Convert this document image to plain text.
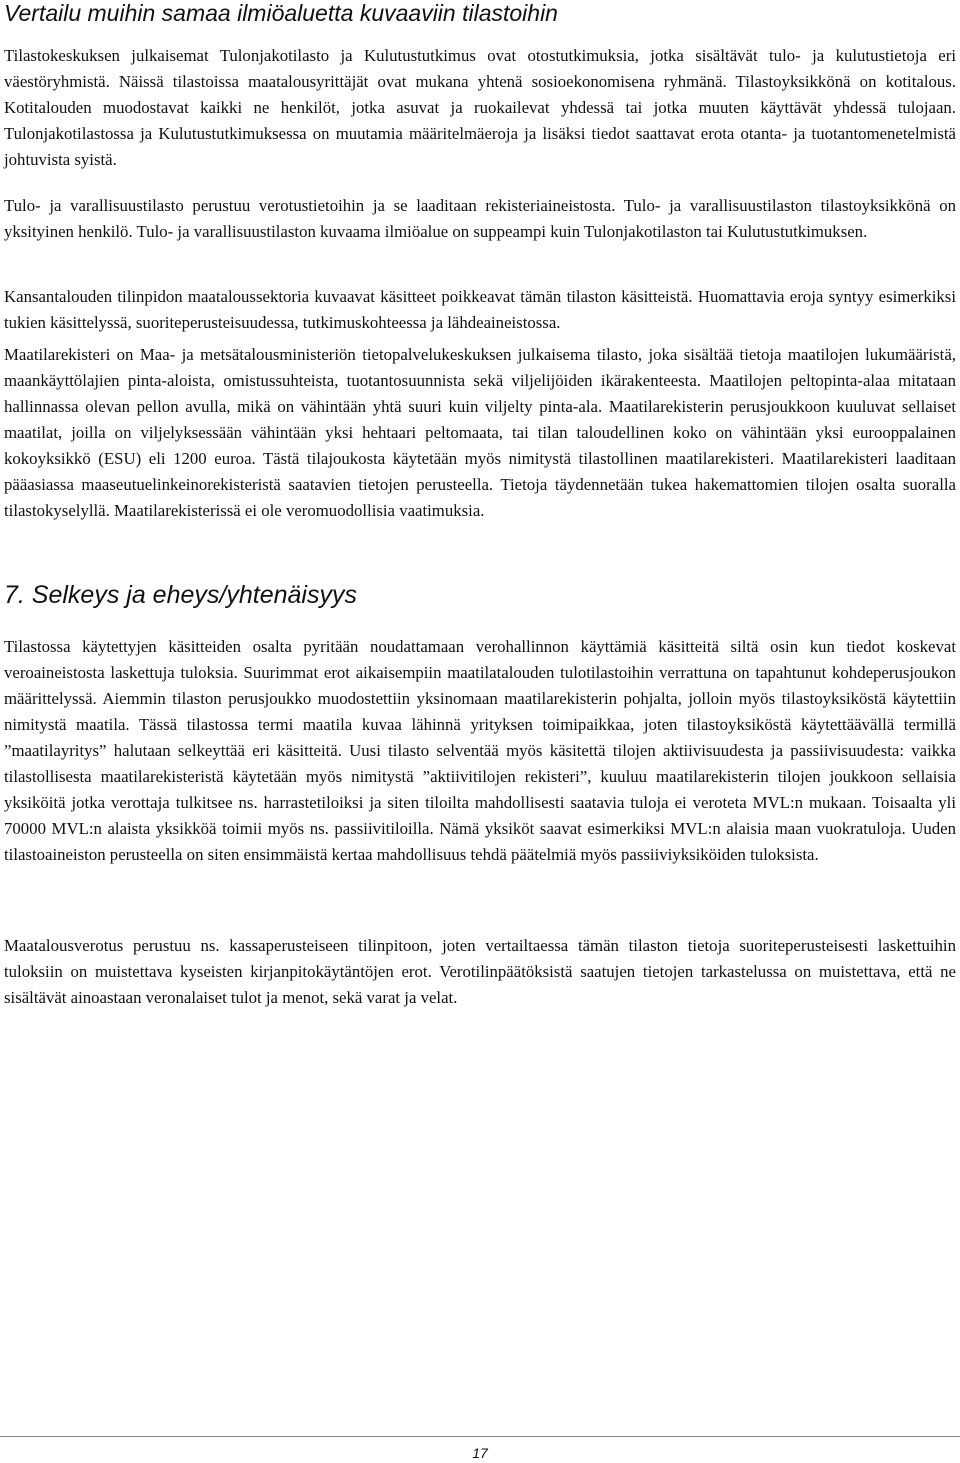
Vertailu muihin samaa ilmiöaluetta kuvaaviin tilastoihin

Tilastokeskuksen julkaisemat Tulonjakotilasto ja Kulutustutkimus ovat otostutkimuksia, jotka sisältävät tulo- ja kulutustietoja eri väestöryhmistä. Näissä tilastoissa maatalousyrittäjät ovat mukana yhtenä sosioekonomisena ryhmänä. Tilastoyksikkönä on kotitalous. Kotitalouden muodostavat kaikki ne henkilöt, jotka asuvat ja ruokailevat yhdessä tai jotka muuten käyttävät yhdessä tulojaan. Tulonjakotilastossa ja Kulutustutkimuksessa on muutamia määritelmäeroja ja lisäksi tiedot saattavat erota otanta- ja tuotantomenetelmistä johtuvista syistä.

Tulo- ja varallisuustilasto perustuu verotustietoihin ja se laaditaan rekisteriaineistosta. Tulo- ja varallisuustilaston tilastoyksikkönä on yksityinen henkilö. Tulo- ja varallisuustilaston kuvaama ilmiöalue on suppeampi kuin Tulonjakotilaston tai Kulutustutkimuksen.

Kansantalouden tilinpidon maataloussektoria kuvaavat käsitteet poikkeavat tämän tilaston käsitteistä. Huomattavia eroja syntyy esimerkiksi tukien käsittelyssä, suoriteperusteisuudessa, tutkimuskohteessa ja lähdeaineistossa.

Maatilarekisteri on Maa- ja metsätalousministeriön tietopalvelukeskuksen julkaisema tilasto, joka sisältää tietoja maatilojen lukumääristä, maankäyttölajien pinta-aloista, omistussuhteista, tuotantosuunnista sekä viljelijöiden ikärakenteesta. Maatilojen peltopinta-alaa mitataan hallinnassa olevan pellon avulla, mikä on vähintään yhtä suuri kuin viljelty pinta-ala. Maatilarekisterin perusjoukkoon kuuluvat sellaiset maatilat, joilla on viljelyksessään vähintään yksi hehtaari peltomaata, tai tilan taloudellinen koko on vähintään yksi eurooppalainen kokoyksikkö (ESU) eli 1200 euroa. Tästä tilajoukosta käytetään myös nimitystä tilastollinen maatilarekisteri. Maatilarekisteri laaditaan pääasiassa maaseutuelinkeinorekisteristä saatavien tietojen perusteella. Tietoja täydennetään tukea hakemattomien tilojen osalta suoralla tilastokyselyllä. Maatilarekisterissä ei ole veromuodollisia vaatimuksia.

7. Selkeys ja eheys/yhtenäisyys

Tilastossa käytettyjen käsitteiden osalta pyritään noudattamaan verohallinnon käyttämiä käsitteitä siltä osin kun tiedot koskevat veroaineistosta laskettuja tuloksia. Suurimmat erot aikaisempiin maatilatalouden tulotilastoihin verrattuna on tapahtunut kohdeperusjoukon määrittelyssä. Aiemmin tilaston perusjoukko muodostettiin yksinomaan maatilarekisterin pohjalta, jolloin myös tilastoyksiköstä käytettiin nimitystä maatila. Tässä tilastossa termi maatila kuvaa lähinnä yrityksen toimipaikkaa, joten tilastoyksiköstä käytettäävällä termillä ”maatilayritys” halutaan selkeyttää eri käsitteitä. Uusi tilasto selventää myös käsitettä tilojen aktiivisuudesta ja passiivisuudesta: vaikka tilastollisesta maatilarekisteristä käytetään myös nimitystä ”aktiivitilojen rekisteri”, kuuluu maatilarekisterin tilojen joukkoon sellaisia yksiköitä jotka verottaja tulkitsee ns. harrastetiloiksi ja siten tiloilta mahdollisesti saatavia tuloja ei veroteta MVL:n mukaan. Toisaalta yli 70000 MVL:n alaista yksikköä toimii myös ns. passiivitiloilla. Nämä yksiköt saavat esimerkiksi MVL:n alaisia maan vuokratuloja. Uuden tilastoaineiston perusteella on siten ensimmäistä kertaa mahdollisuus tehdä päätelmiä myös passiiviyksiköiden tuloksista.

Maatalousverotus perustuu ns. kassaperusteiseen tilinpitoon, joten vertailtaessa tämän tilaston tietoja suoriteperusteisesti laskettuihin tuloksiin on muistettava kyseisten kirjanpitokäytäntöjen erot. Verotilinpäätöksistä saatujen tietojen tarkastelussa on muistettava, että ne sisältävät ainoastaan veronalaiset tulot ja menot, sekä varat ja velat.

17
